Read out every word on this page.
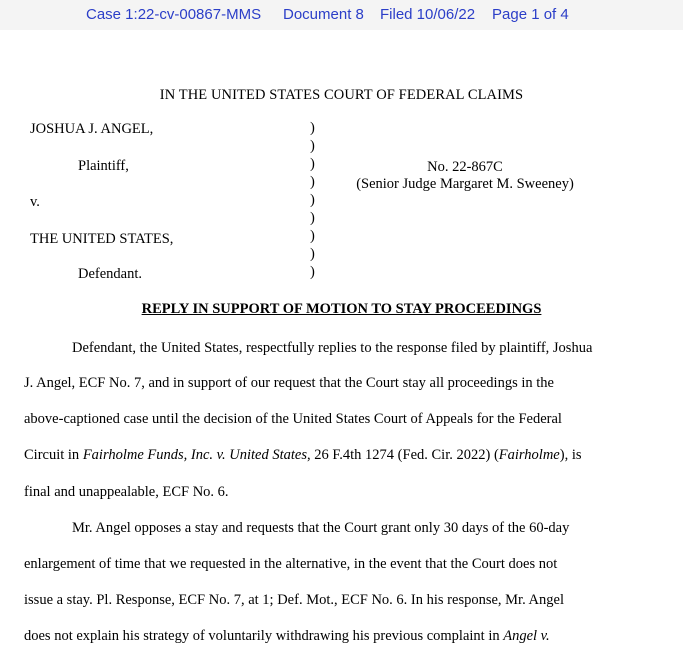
Case 1:22-cv-00867-MMS Document 8 Filed 10/06/22 Page 1 of 4
IN THE UNITED STATES COURT OF FEDERAL CLAIMS
JOSHUA J. ANGEL,
Plaintiff,
v.
THE UNITED STATES,
Defendant.
)
)
)
)
)
)
)
)
)
No. 22-867C
(Senior Judge Margaret M. Sweeney)
REPLY IN SUPPORT OF MOTION TO STAY PROCEEDINGS
Defendant, the United States, respectfully replies to the response filed by plaintiff, Joshua
J. Angel, ECF No. 7, and in support of our request that the Court stay all proceedings in the
above-captioned case until the decision of the United States Court of Appeals for the Federal
Circuit in Fairholme Funds, Inc. v. United States, 26 F.4th 1274 (Fed. Cir. 2022) (Fairholme), is
final and unappealable, ECF No. 6.
Mr. Angel opposes a stay and requests that the Court grant only 30 days of the 60-day
enlargement of time that we requested in the alternative, in the event that the Court does not
issue a stay. Pl. Response, ECF No. 7, at 1; Def. Mot., ECF No. 6. In his response, Mr. Angel
does not explain his strategy of voluntarily withdrawing his previous complaint in Angel v.
